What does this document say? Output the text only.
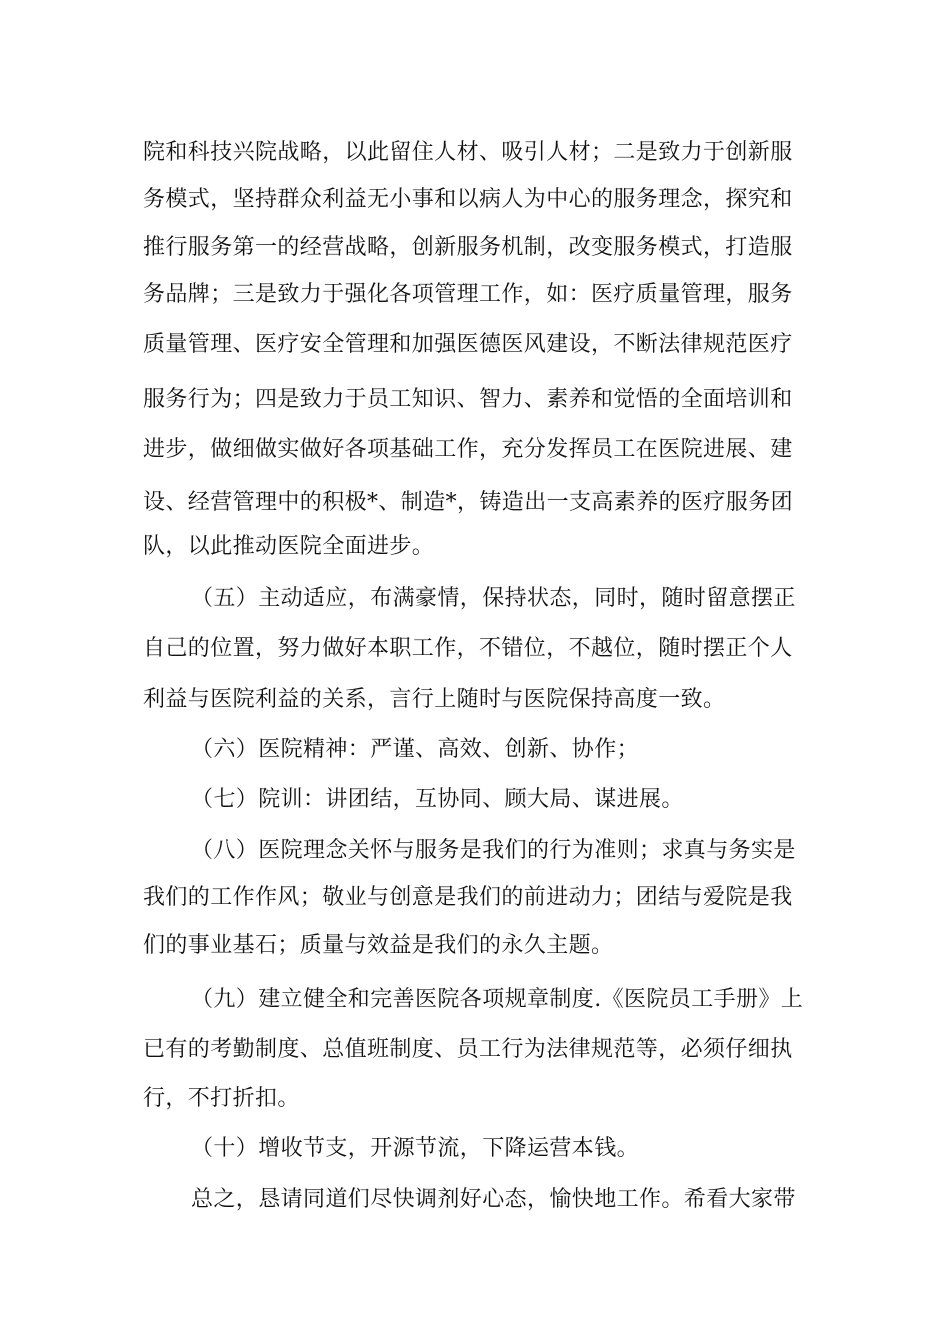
院和科技兴院战略，以此留住人材、吸引人材；二是致力于创新服
务模式，坚持群众利益无小事和以病人为中心的服务理念，探究和
推行服务第一的经营战略，创新服务机制，改变服务模式，打造服
务品牌；三是致力于强化各项管理工作，如：医疗质量管理，服务
质量管理、医疗安全管理和加强医德医风建设，不断法律规范医疗
服务行为；四是致力于员工知识、智力、素养和觉悟的全面培训和
进步，做细做实做好各项基础工作，充分发挥员工在医院进展、建
设、经营管理中的积极*、制造*，铸造出一支高素养的医疗服务团
队，以此推动医院全面进步。
（五）主动适应，布满豪情，保持状态，同时，随时留意摆正
自己的位置，努力做好本职工作，不错位，不越位，随时摆正个人
利益与医院利益的关系，言行上随时与医院保持高度一致。
（六）医院精神：严谨、高效、创新、协作；
（七）院训：讲团结，互协同、顾大局、谋进展。
（八）医院理念关怀与服务是我们的行为准则；求真与务实是
我们的工作作风；敬业与创意是我们的前进动力；团结与爱院是我
们的事业基石；质量与效益是我们的永久主题。
（九）建立健全和完善医院各项规章制度.《医院员工手册》上
已有的考勤制度、总值班制度、员工行为法律规范等，必须仔细执
行，不打折扣。
（十）增收节支，开源节流，下降运营本钱。
总之，恳请同道们尽快调剂好心态，愉快地工作。希看大家带
